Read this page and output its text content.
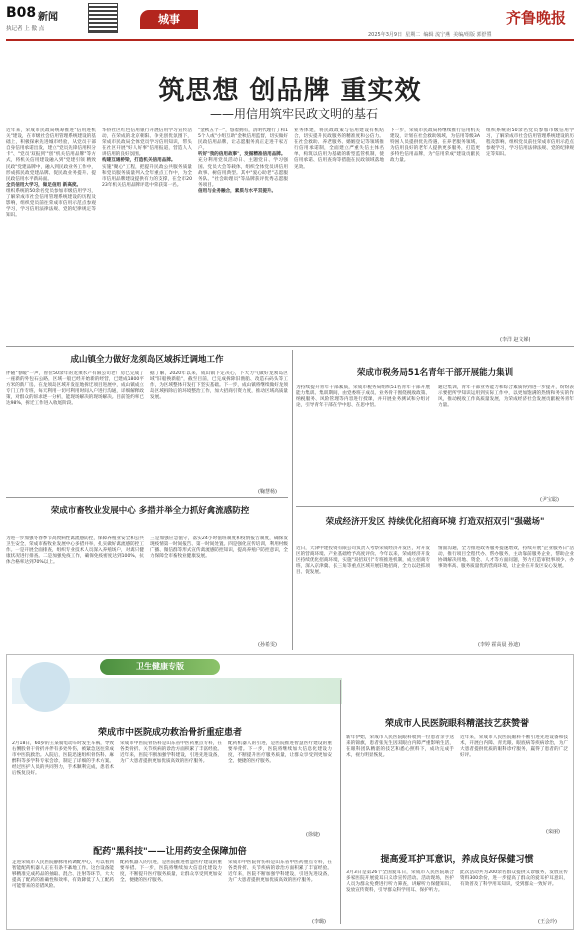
B08 新闻
执记者 上 傲 点
城事	齐鲁晚报
2025年3月9日 星期二 编辑 流宁燕 美编/组版 郭舒曌
筑思想 创品牌 重实效
——用信用筑牢民政文明的基石
近年来，荣成市民政局统筹推进"信用进机关"建设，在市级社会信用管理系统建设的基础上，积极探索先进城市经验，从党员干部自身信用承诺出发，建立"党员先锋信用积分卡"、"党员'双报到'"创"机关信用品牌"等方式，将机关信用建设融入到"党建引领 精致民政"党建品牌中，融入到民政业务工作中，形成抓民政党建品牌、促民政业务提升、提民政信用水平新局面。
全员信用大学习，做足信用 新高度。
组织系统的50余名党员参加市级信用学习，了解荣成市社会信用管理系统建设的历程及影响，组织党员前往荣成市信用示范点参观学习，学习信用法律法规、党的纪律规定等知识。
华侨社区红色信用银行开展信用学习宣传活动，在荣成的北京朝阳、争先创优氛围下，荣成市民政局全体党员学习信用知识，带头在社区开展"好人好事"信用报道，营造人人讲信用的良好氛围。
构建互通桥梁，打造机关信用品牌。
实施"聚心"工程，把提升民政公共服务质量和党员服务质量列入全年重点工作中，为全市信用品牌建设提供有力的支撑，在全市2023年机关信用品牌评选中荣获第一名。
"金秋五个一"，悠着拥有，清明代理行了和15个人或"小组互助"金秋信用监督，切实做好民政信用品牌，让志愿服务真正走进千家万户。
听好"我的信用故事"，发掘精准信用品牌。
充分利用党员活动日、主题党日、学习强国、党员大会等载体，组织全体党员讲信用故事、树信用典型。其中"爱心助老"志愿服务队、"社会助理员"等品牌获评优秀志愿服务项目。
信用与业务融合，素质与水平双提升。
业务体建，将民政政策与信用建设有机结合，切实提升民政服务的精准度和公信力。在社会救助、养老服务、婚姻登记等领域推行信用承诺制，全面建立严重失信主体名单，构筑以信用为基础的新型监管机制，使信用承诺、信用查询等措施在民政领域落地见效。
下一步，荣成市民政局将继续推行信用机关建设，计划在社会救助领域，为信用等级3A特困人员提供优先待遇，在养老服务领域，为信用良好的老年人提供更多服务，打造更多特色信用品牌，为"信用荣成"建设贡献民政力量。
组织系统的50余名党员参加市级信用学习，了解荣成市社会信用管理系统建设的历程及影响，组织党员前往荣成市信用示范点参观学习，学习信用法律法规、党的纪律规定等知识。
(李洋 赵文娣)
成山镇全力做好龙须岛区域拆迁调地工作
伴随"春暖"一声，曾位50余年的龙须水产有限公司老厂房已完成了一座新的外包石公路，区域一般已经开始新的经营，已建成1800平方米的新厂房。在龙须岛区域开发征地拆迁项目进展中，成山镇成立专门工作专班，每天利用一切可利用时间入户进行沟通，详细解释政策，对群众的诉求逐一分析，能现场解决的现场解决。目前签约率已达98%，拆迁工作进入收尾阶段。
据了解，2020年以来，成山镇下定决心，下大力气做好龙须岛区域"旧船换新船"，截至目前，已完成拆除旧渔船、改造石码头等工作，为区域整体开发打下坚实基础。下一步，成山镇将继续做好龙须岛区域拆除后的环境整治工作，加大招商引资力度，推动区域高质量发展。
(鞠慧杨)
荣成市畜牧业发展中心 多措并举全力抓好禽流感防控
为进一步加强冬春季节高致病性禽流感防控，保障养殖业安全和公共卫生安全，荣成市畜牧业发展中心多措并举，扎实做好禽流感防控工作。一是开展全面排查，组织专业技术人员深入养殖场户，对禽只健康状况进行排查。二是加强免疫工作，确保免疫密度达到100%，抗体合格率达到70%以上。
三是加强应急值守，落实24小时值班制度和疫情报告制度，确保发现疫情第一时间报告、第一时间处置。四是强化宣传培训，利用村级广播、微信群等形式宣传禽流感防控知识，提高养殖户防控意识，全力保障全市畜牧业健康发展。
(孙希雯)
荣成市税务局51名青年干部开展能力集训
为持续提升青年干部素质，荣成市税务局组织51名青年干部开展能力集训。集训期间，由党委班子成员、业务骨干围绕税收政策、纳税服务、风险管理等内容进行授课，并开展业务测试和分组讨论，引导青年干部在学中思、在思中悟。
通过集训，青年干部业务能力和综合素质得到进一步提升，纷纷表示要把所学知识运用到实际工作中，以更加饱满的热情和务实的作风，推动税收工作高质量发展，为荣成经济社会发展贡献税务青年力量。
(尹宝聪)
荣成经济开发区 持续优化招商环境 打造双招双引"强磁场"
近日，天津中建投资有限公司负责人考察荣成经济开发区，对开发区的营商环境、产业基础给予高度评价。今年以来，荣成经济开发区持续优化招商环境，实施"双招双引"专班推进机制，成立招商专班，深入京津冀、长三角等重点区域开展驻地招商，全力以赴抓项目、促发展。
情面沟通，全力推进政务服务提速增效，持续开展"企业服务日"活动，推行项目全程代办、帮办服务，主动靠前服务企业，帮助企业协调解决用地、资金、人才等方面问题，努力打造审批事项少、办事效率高、服务质量优的营商环境，让企业在开发区安心发展。
(李婷 霍高晨 孙迪)
卫生健康专版
荣成市中医院成功救治骨折重症患者
2月18日，60岁的王某骑电动车时发生车祸，导致右侧股骨干骨折并伴有多处外伤，被紧急送往荣成市中医院救治。入院后，医院迅速组织骨伤科、麻醉科等多学科专家会诊，制定了详细的手术方案。经过医护人员的共同努力，手术顺利完成，患者术后恢复良好。
荣成市中医院骨伤科是山东省中医药重点专科，在各类骨折、关节疾病的诊治方面积累了丰富经验。近年来，医院不断加强学科建设，引进先进设备，为广大患者提供更加优质高效的医疗服务。
配药机器人的引进，是医院推进智慧医疗建设的重要举措。下一步，医院将继续加大信息化建设力度，不断提升医疗服务质量，让群众享受到更加安全、便捷的医疗服务。
(徐婕)
配药"黑科技"——让用药安全保障加倍
走进荣成市人民医院静脉用药调配中心，可以看到智能配药机器人正在有条不紊地工作。这台设备能够精准完成药品的抽取、混合、注射等环节，大大提高了配药的准确性和效率，有效降低了人工配药可能带来的差错风险。
配药机器人的引进，是医院推进智慧医疗建设的重要举措。下一步，医院将继续加大信息化建设力度，不断提升医疗服务质量，让群众享受到更加安全、便捷的医疗服务。
荣成市中医院骨伤科是山东省中医药重点专科，在各类骨折、关节疾病的诊治方面积累了丰富经验。近年来，医院不断加强学科建设，引进先进设备，为广大患者提供更加优质高效的医疗服务。
(李璐)
荣成市人民医院眼科精湛技艺获赞誉
新年伊始，荣成市人民医院眼科收到一位患者亲手送来的锦旗，患者张先生因双眼白内障严重影响生活，在眼科团队精湛的技艺和悉心照料下，成功完成手术，视力明显恢复。
近年来，荣成市人民医院眼科不断引进先进设备和技术，开展白内障、青光眼、眼底病等疾病诊治，为广大患者提供优质的眼科诊疗服务，赢得了患者的广泛好评。
(栾丽)
提高爱耳护耳意识，养成良好保健习惯
3月3日是第26个全国爱耳日，荣成市人民医院联合多家医院开展爱耳日义诊宣传活动。活动现场，医护人员为群众免费进行听力筛查，讲解听力保健知识，发放宣传资料，引导群众科学用耳、保护听力。
此次活动共为200余名群众提供义诊服务，发放宣传资料300余份，进一步提高了群众的爱耳护耳意识，有效普及了科学用耳知识，受到群众一致好评。
(王会玲)
